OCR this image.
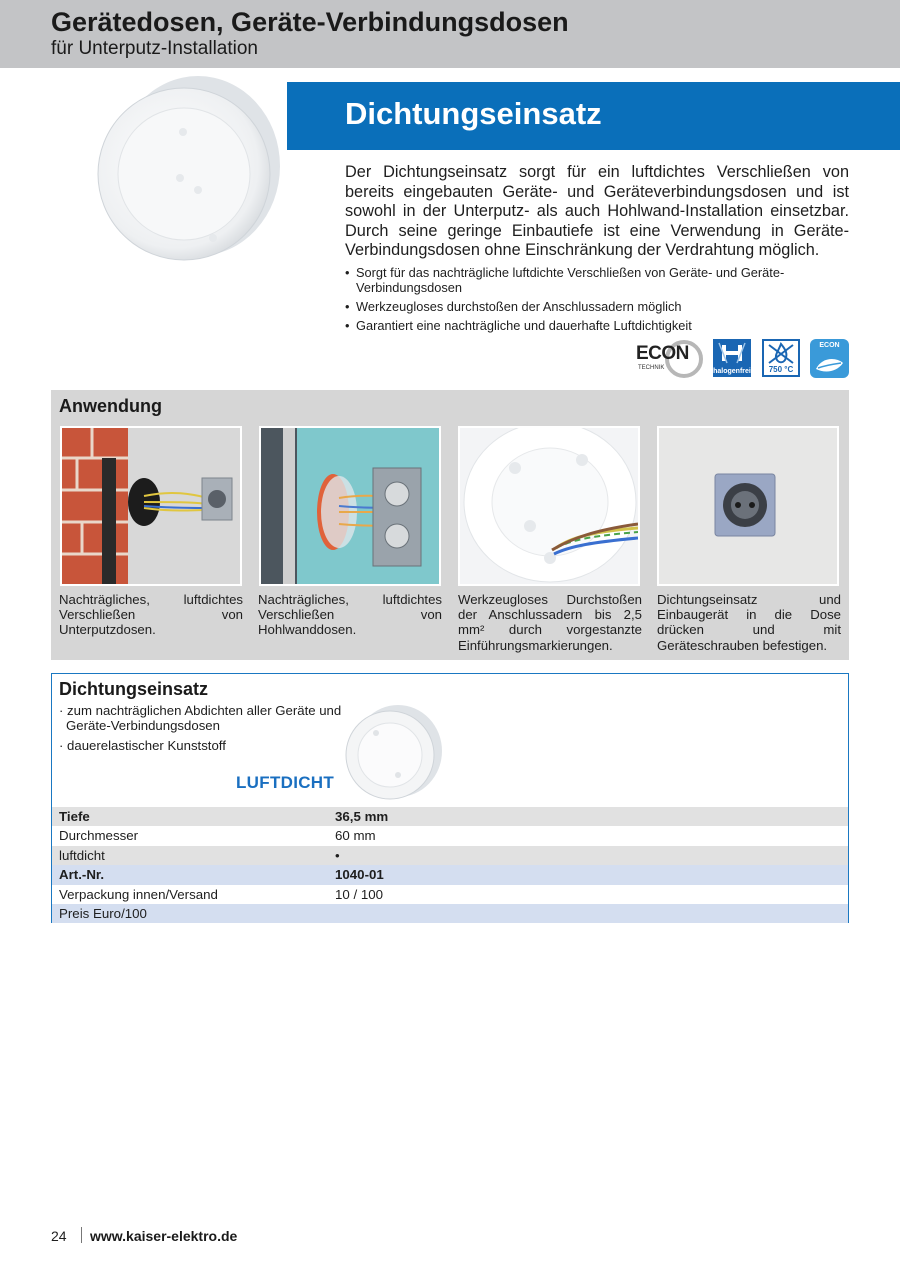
Gerätedosen, Geräte-Verbindungsdosen
für Unterputz-Installation
Dichtungseinsatz
Der Dichtungseinsatz sorgt für ein luftdichtes Verschließen von bereits eingebauten Geräte- und Geräteverbindungsdosen und ist sowohl in der Unterputz- als auch Hohlwand-Installation einsetzbar. Durch seine geringe Einbautiefe ist eine Verwendung in Geräte-Verbindungsdosen ohne Einschränkung der Verdrahtung möglich.
• Sorgt für das nachträgliche luftdichte Verschließen von Geräte- und Geräte-Verbindungsdosen
• Werkzeugloses durchstoßen der Anschlussadern möglich
• Garantiert eine nachträgliche und dauerhafte Luftdichtigkeit
ECON
TECHNIK	halogenfrei	750 °C
ECON
Anwendung
Nachträgliches, luftdichtes Verschließen von Unterputzdosen.
Nachträgliches, luftdichtes Verschließen von Hohlwanddosen.
Werkzeugloses Durchstoßen der Anschlussadern bis 2,5 mm² durch vorgestanzte Einführungsmarkierungen.
Dichtungseinsatz und Einbaugerät in die Dose drücken und mit Geräteschrauben befestigen.
Dichtungseinsatz
· zum nachträglichen Abdichten aller Geräte und Geräte-Verbindungsdosen
· dauerelastischer Kunststoff
LUFTDICHT
Tiefe	36,5 mm
Durchmesser	60 mm
luftdicht	•
Art.-Nr.	1040-01
Verpackung innen/Versand	10 / 100
Preis Euro/100
24 www.kaiser-elektro.de
